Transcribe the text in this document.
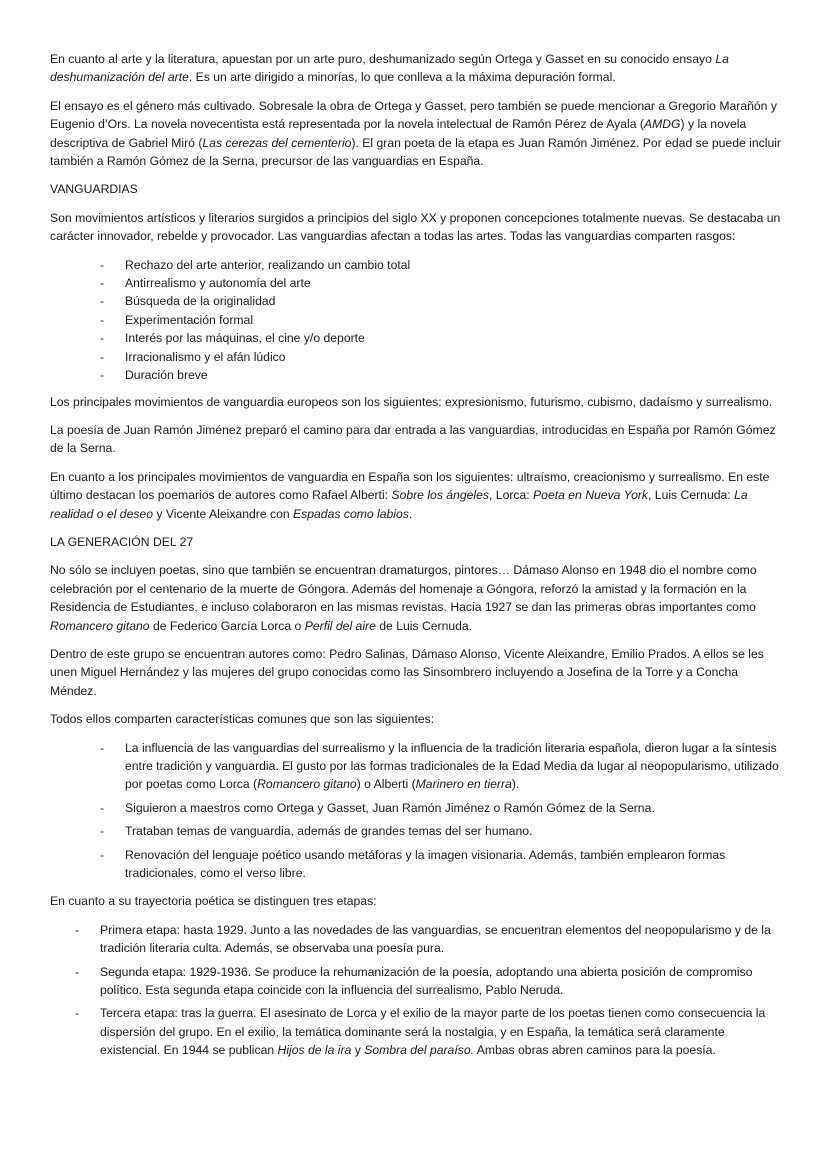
En cuanto al arte y la literatura, apuestan por un arte puro, deshumanizado según Ortega y Gasset en su conocido ensayo La deshumanización del arte. Es un arte dirigido a minorías, lo que conlleva a la máxima depuración formal.

El ensayo es el género más cultivado. Sobresale la obra de Ortega y Gasset, pero también se puede mencionar a Gregorio Marañón y Eugenio d’Ors. La novela novecentista está representada por la novela intelectual de Ramón Pérez de Ayala (AMDG) y la novela descriptiva de Gabriel Miró (Las cerezas del cementerio). El gran poeta de la etapa es Juan Ramón Jiménez. Por edad se puede incluir también a Ramón Gómez de la Serna, precursor de las vanguardias en España.

VANGUARDIAS

Son movimientos artísticos y literarios surgidos a principios del siglo XX y proponen concepciones totalmente nuevas. Se destacaba un carácter innovador, rebelde y provocador. Las vanguardias afectan a todas las artes. Todas las vanguardias comparten rasgos:

- Rechazo del arte anterior, realizando un cambio total
- Antirrealismo y autonomía del arte
- Búsqueda de la originalidad
- Experimentación formal
- Interés por las máquinas, el cine y/o deporte
- Irracionalismo y el afán lúdico
- Duración breve

Los principales movimientos de vanguardia europeos son los siguientes: expresionismo, futurismo, cubismo, dadaísmo y surrealismo.

La poesía de Juan Ramón Jiménez preparó el camino para dar entrada a las vanguardias, introducidas en España por Ramón Gómez de la Serna.

En cuanto a los principales movimientos de vanguardia en España son los siguientes: ultraísmo, creacionismo y surrealismo. En este último destacan los poemarios de autores como Rafael Alberti: Sobre los ángeles, Lorca: Poeta en Nueva York, Luis Cernuda: La realidad o el deseo y Vicente Aleixandre con Espadas como labios.

LA GENERACIÓN DEL 27

No sólo se incluyen poetas, sino que también se encuentran dramaturgos, pintores… Dámaso Alonso en 1948 dio el nombre como celebración por el centenario de la muerte de Góngora. Además del homenaje a Góngora, reforzó la amistad y la formación en la Residencia de Estudiantes, e incluso colaboraron en las mismas revistas. Hacia 1927 se dan las primeras obras importantes como Romancero gitano de Federico García Lorca o Perfil del aire de Luis Cernuda.

Dentro de este grupo se encuentran autores como: Pedro Salinas, Dámaso Alonso, Vicente Aleixandre, Emilio Prados. A ellos se les unen Miguel Hernández y las mujeres del grupo conocidas como las Sinsombrero incluyendo a Josefina de la Torre y a Concha Méndez.

Todos ellos comparten características comunes que son las siguientes:

- La influencia de las vanguardias del surrealismo y la influencia de la tradición literaria española, dieron lugar a la síntesis entre tradición y vanguardia. El gusto por las formas tradicionales de la Edad Media da lugar al neopopularismo, utilizado por poetas como Lorca (Romancero gitano) o Alberti (Marinero en tierra).
- Siguieron a maestros como Ortega y Gasset, Juan Ramón Jiménez o Ramón Gómez de la Serna.
- Trataban temas de vanguardia, además de grandes temas del ser humano.
- Renovación del lenguaje poético usando metáforas y la imagen visionaria. Además, también emplearon formas tradicionales, como el verso libre.

En cuanto a su trayectoria poética se distinguen tres etapas:

- Primera etapa: hasta 1929. Junto a las novedades de las vanguardias, se encuentran elementos del neopopularismo y de la tradición literaria culta. Además, se observaba una poesía pura.
- Segunda etapa: 1929-1936. Se produce la rehumanización de la poesía, adoptando una abierta posición de compromiso político. Esta segunda etapa coincide con la influencia del surrealismo, Pablo Neruda.
- Tercera etapa: tras la guerra. El asesinato de Lorca y el exilio de la mayor parte de los poetas tienen como consecuencia la dispersión del grupo. En el exilio, la temática dominante será la nostalgia, y en España, la temática será claramente existencial. En 1944 se publican Hijos de la ira y Sombra del paraíso. Ambas obras abren caminos para la poesía.
